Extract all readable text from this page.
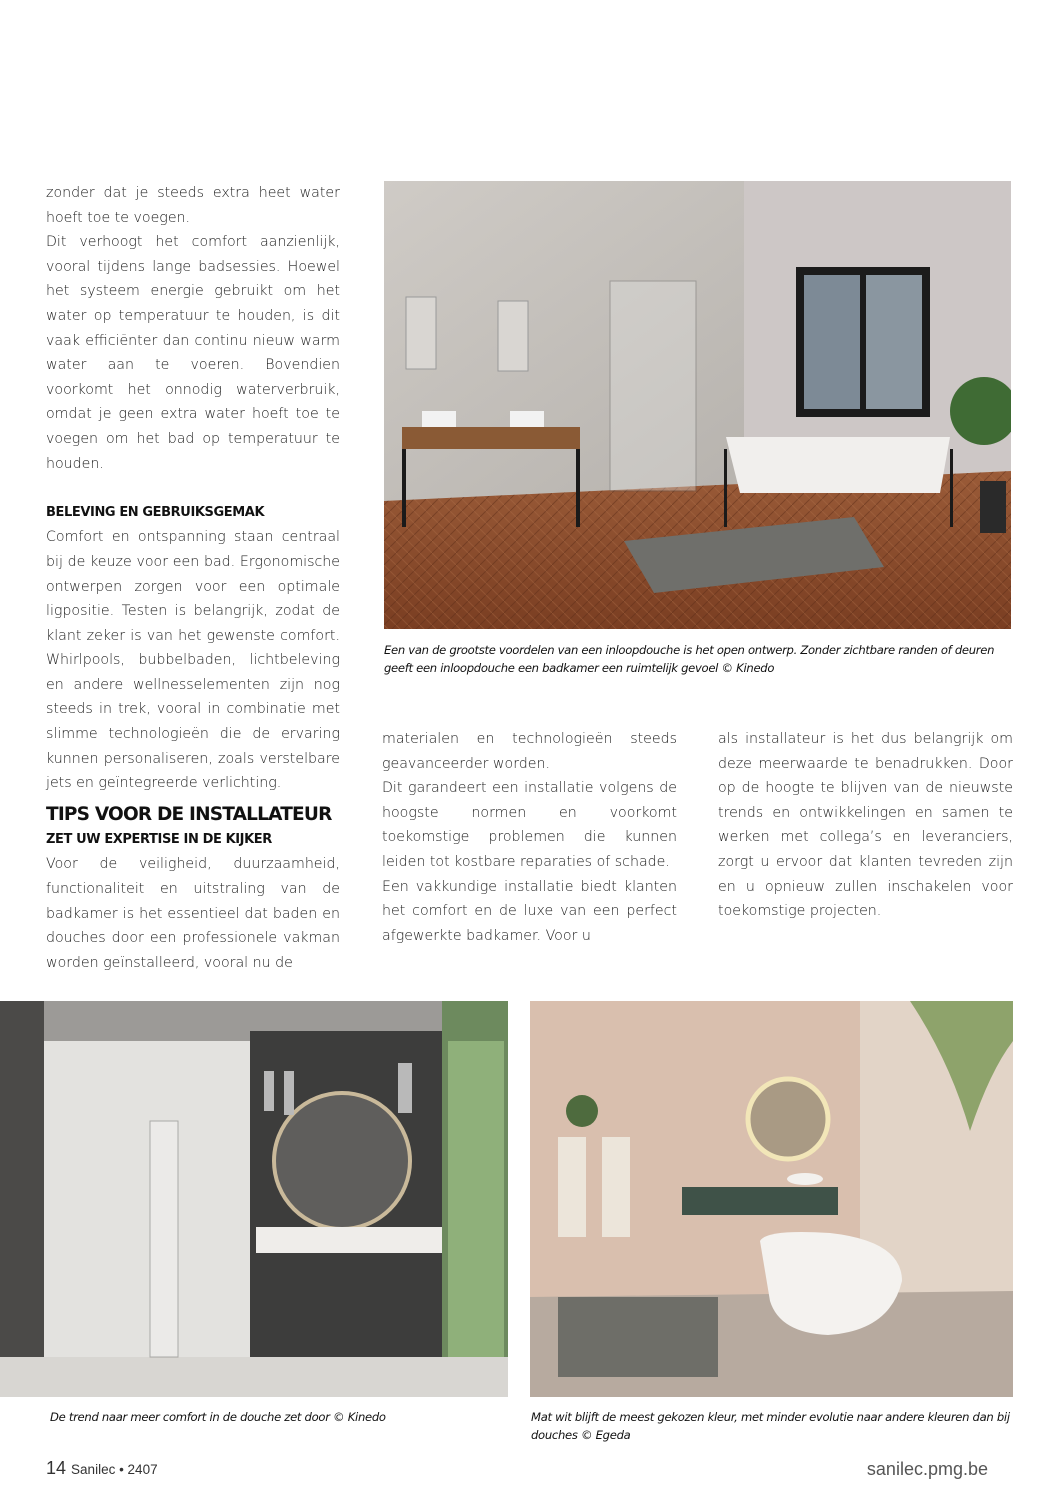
zonder dat je steeds extra heet water hoeft toe te voegen.

Dit verhoogt het comfort aanzienlijk, vooral tijdens lange badsessies. Hoewel het systeem energie gebruikt om het water op temperatuur te houden, is dit vaak efficiënter dan continu nieuw warm water aan te voeren. Bovendien voorkomt het onnodig waterverbruik, omdat je geen extra water hoeft toe te voegen om het bad op temperatuur te houden.

BELEVING EN GEBRUIKSGEMAK

Comfort en ontspanning staan centraal bij de keuze voor een bad. Ergonomische ontwerpen zorgen voor een optimale ligpositie. Testen is belangrijk, zodat de klant zeker is van het gewenste comfort. Whirlpools, bubbelbaden, lichtbeleving en andere wellnesselementen zijn nog steeds in trek, vooral in combinatie met slimme technologieën die de ervaring kunnen personaliseren, zoals verstelbare jets en geïntegreerde verlichting.

TIPS VOOR DE INSTALLATEUR
ZET UW EXPERTISE IN DE KIJKER

Voor de veiligheid, duurzaamheid, functionaliteit en uitstraling van de badkamer is het essentieel dat baden en douches door een professionele vakman worden geïnstalleerd, vooral nu de

Een van de grootste voordelen van een inloopdouche is het open ontwerp. Zonder zichtbare randen of deuren geeft een inloopdouche een badkamer een ruimtelijk gevoel © Kinedo

materialen en technologieën steeds geavanceerder worden.

Dit garandeert een installatie volgens de hoogste normen en voorkomt toekomstige problemen die kunnen leiden tot kostbare reparaties of schade.

Een vakkundige installatie biedt klanten het comfort en de luxe van een perfect afgewerkte badkamer. Voor u

als installateur is het dus belangrijk om deze meerwaarde te benadrukken. Door op de hoogte te blijven van de nieuwste trends en ontwikkelingen en samen te werken met collega’s en leveranciers, zorgt u ervoor dat klanten tevreden zijn en u opnieuw zullen inschakelen voor toekomstige projecten.

De trend naar meer comfort in de douche zet door © Kinedo	Mat wit blijft de meest gekozen kleur, met minder evolutie naar andere kleuren dan bij douches © Egeda
14 Sanilec • 2407	sanilec.pmg.be
